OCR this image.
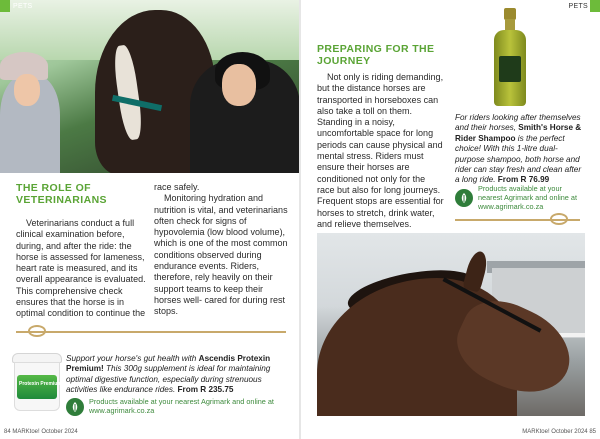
PETS
THE ROLE OF VETERINARIANS

Veterinarians conduct a full clinical examination before, during, and after the ride: the horse is assessed for lameness, heart rate is measured, and its overall appearance is evaluated. This comprehensive check ensures that the horse is in optimal condition to continue the

race safely.

Monitoring hydration and nutrition is vital, and veterinarians often check for signs of hypovolemia (low blood volume), which is one of the most common conditions observed during endurance events. Riders, therefore, rely heavily on their support teams to keep their horses well- cared for during rest stops.

Protexin Premium
Support your horse's gut health with Ascendis Protexin Premium! This 300g supplement is ideal for maintaining optimal digestive function, especially during strenuous activities like endurance rides. From R 235.75
Products available at your nearest Agrimark and online at www.agrimark.co.za
84 MARKtoe! October 2024
PETS
PREPARING FOR THE JOURNEY

Not only is riding demanding, but the distance horses are transported in horseboxes can also take a toll on them. Standing in a noisy, uncomfortable space for long periods can cause physical and mental stress. Riders must ensure their horses are conditioned not only for the race but also for long journeys. Frequent stops are essential for horses to stretch, drink water, and relieve themselves.

For riders looking after themselves and their horses, Smith's Horse & Rider Shampoo is the perfect choice! With this 1-litre dual- purpose shampoo, both horse and rider can stay fresh and clean after a long ride. From R 76.99
Products available at your nearest Agrimark and online at www.agrimark.co.za
MARKtoe! October 2024 85
